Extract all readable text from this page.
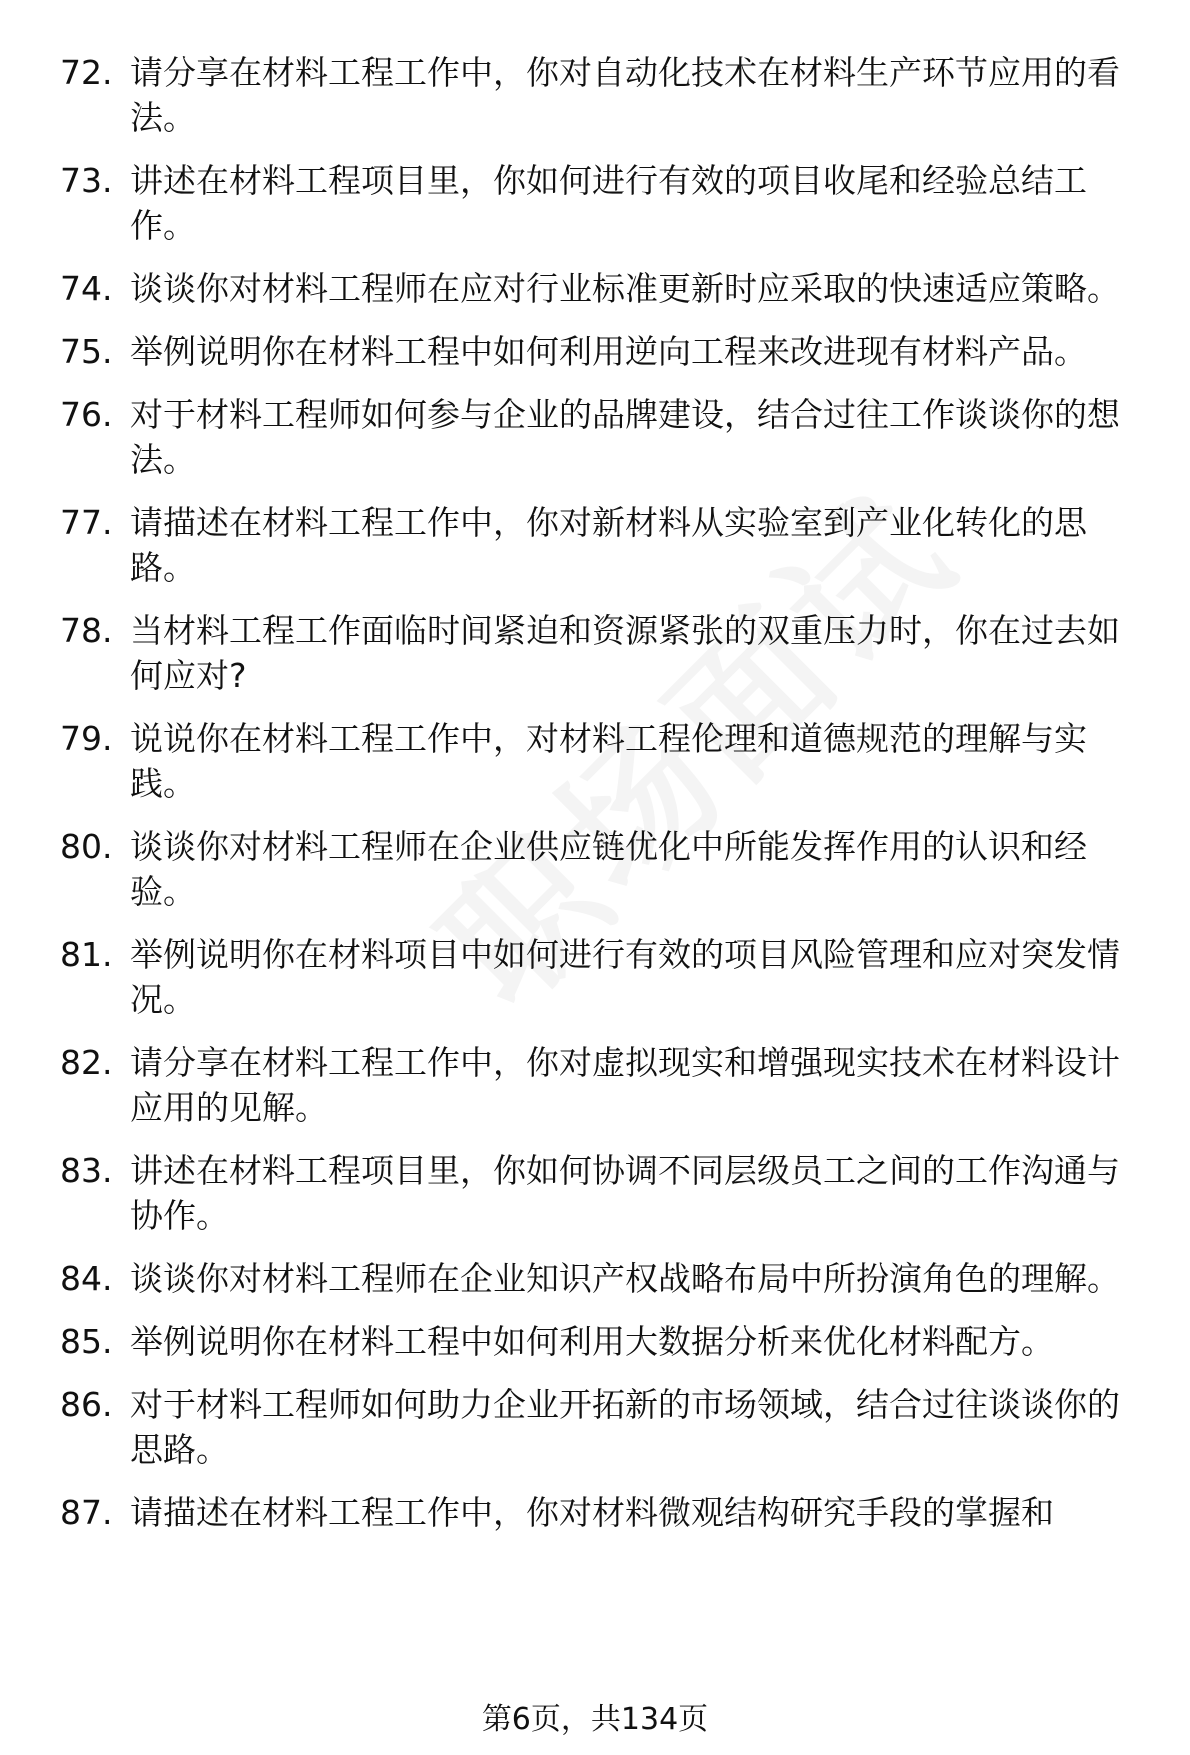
72. 请分享在材料工程工作中，你对自动化技术在材料生产环节应用的看法。
73. 讲述在材料工程项目里，你如何进行有效的项目收尾和经验总结工作。
74. 谈谈你对材料工程师在应对行业标准更新时应采取的快速适应策略。
75. 举例说明你在材料工程中如何利用逆向工程来改进现有材料产品。
76. 对于材料工程师如何参与企业的品牌建设，结合过往工作谈谈你的想法。
77. 请描述在材料工程工作中，你对新材料从实验室到产业化转化的思路。
78. 当材料工程工作面临时间紧迫和资源紧张的双重压力时，你在过去如何应对?
79. 说说你在材料工程工作中，对材料工程伦理和道德规范的理解与实践。
80. 谈谈你对材料工程师在企业供应链优化中所能发挥作用的认识和经验。
81. 举例说明你在材料项目中如何进行有效的项目风险管理和应对突发情况。
82. 请分享在材料工程工作中，你对虚拟现实和增强现实技术在材料设计应用的见解。
83. 讲述在材料工程项目里，你如何协调不同层级员工之间的工作沟通与协作。
84. 谈谈你对材料工程师在企业知识产权战略布局中所扮演角色的理解。
85. 举例说明你在材料工程中如何利用大数据分析来优化材料配方。
86. 对于材料工程师如何助力企业开拓新的市场领域，结合过往谈谈你的思路。
87. 请描述在材料工程工作中，你对材料微观结构研究手段的掌握和
第6页，共134页
